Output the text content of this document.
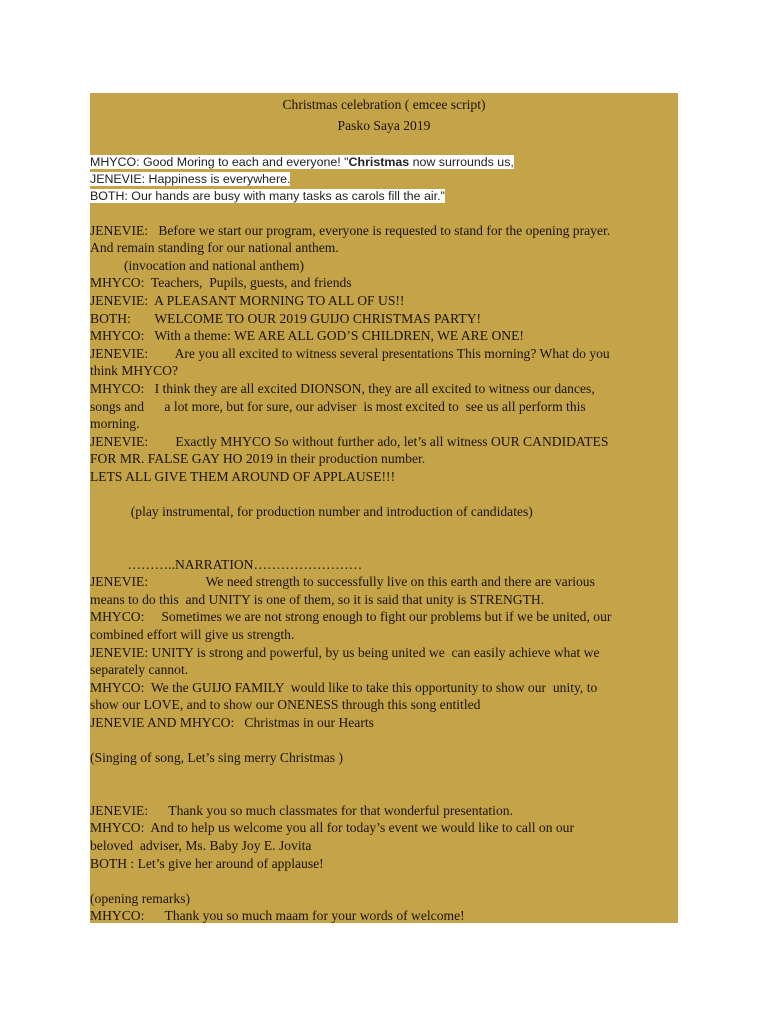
Christmas celebration ( emcee script)
Pasko Saya 2019
MHYCO: Good Moring to each and everyone! "Christmas now surrounds us,
JENEVIE: Happiness is everywhere.
BOTH: Our hands are busy with many tasks as carols fill the air."
JENEVIE:   Before we start our program, everyone is requested to stand for the opening prayer.
And remain standing for our national anthem.
(invocation and national anthem)
MHYCO:  Teachers,  Pupils, guests, and friends
JENEVIE:  A PLEASANT MORNING TO ALL OF US!!
BOTH:       WELCOME TO OUR 2019 GUIJO CHRISTMAS PARTY!
MHYCO:   With a theme: WE ARE ALL GOD’S CHILDREN, WE ARE ONE!
JENEVIE:        Are you all excited to witness several presentations This morning? What do you
think MHYCO?
MHYCO:   I think they are all excited DIONSON, they are all excited to witness our dances,
songs and      a lot more, but for sure, our adviser  is most excited to  see us all perform this
morning.
JENEVIE:        Exactly MHYCO So without further ado, let’s all witness OUR CANDIDATES
FOR MR. FALSE GAY HO 2019 in their production number.
LETS ALL GIVE THEM AROUND OF APPLAUSE!!!
(play instrumental, for production number and introduction of candidates)
………..NARRATION……………………
JENEVIE:                 We need strength to successfully live on this earth and there are various
means to do this  and UNITY is one of them, so it is said that unity is STRENGTH.
MHYCO:     Sometimes we are not strong enough to fight our problems but if we be united, our
combined effort will give us strength.
JENEVIE: UNITY is strong and powerful, by us being united we  can easily achieve what we
separately cannot.
MHYCO:  We the GUIJO FAMILY  would like to take this opportunity to show our  unity, to
show our LOVE, and to show our ONENESS through this song entitled
JENEVIE AND MHYCO:   Christmas in our Hearts
(Singing of song, Let’s sing merry Christmas )
JENEVIE:      Thank you so much classmates for that wonderful presentation.
MHYCO:  And to help us welcome you all for today’s event we would like to call on our
beloved  adviser, Ms. Baby Joy E. Jovita
BOTH : Let’s give her around of applause!
(opening remarks)
MHYCO:      Thank you so much maam for your words of welcome!
